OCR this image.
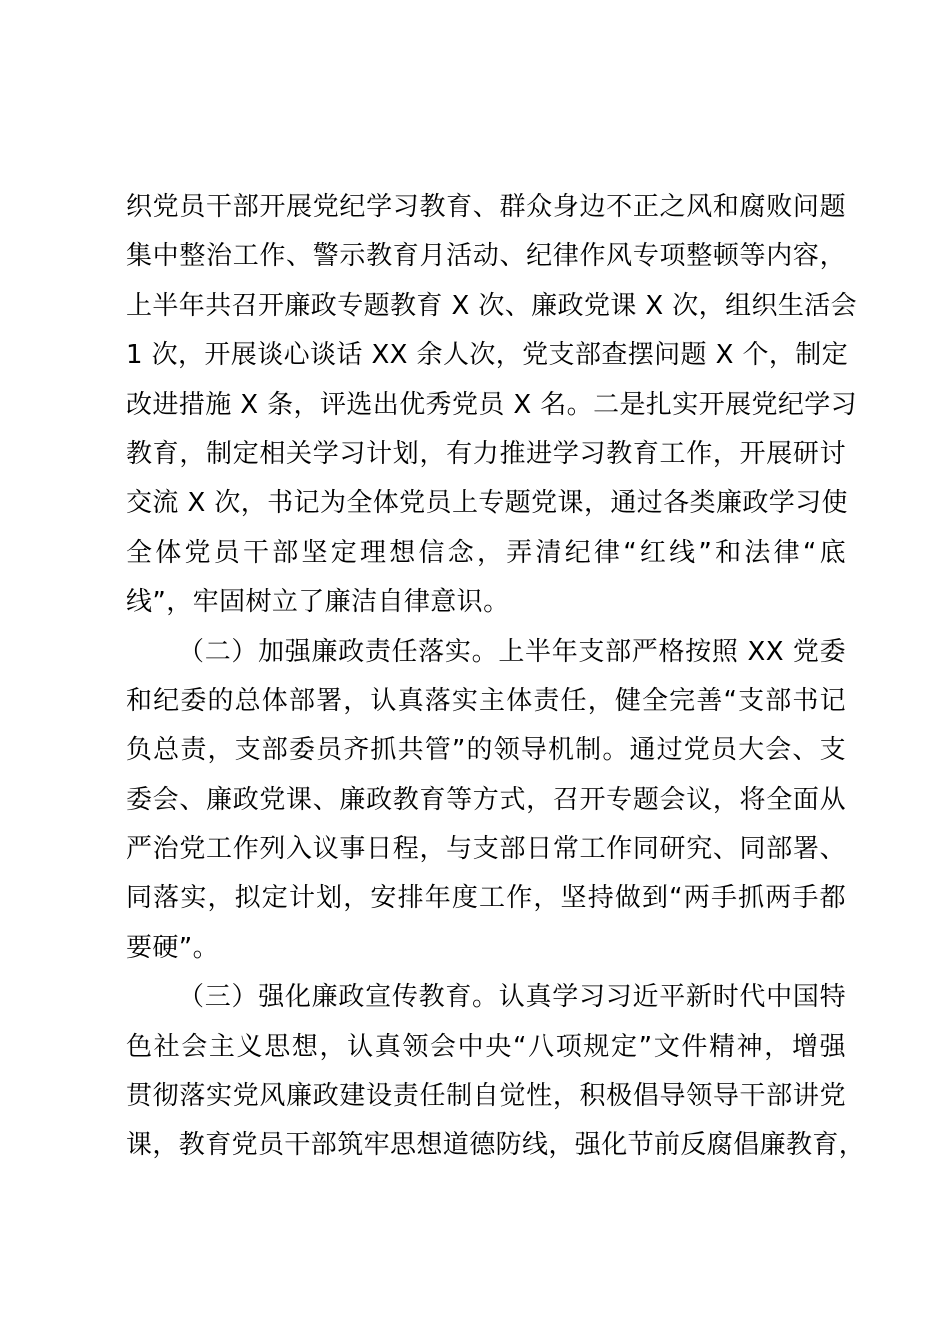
织党员干部开展党纪学习教育、群众身边不正之风和腐败问题
集中整治工作、警示教育月活动、纪律作风专项整顿等内容，
上半年共召开廉政专题教育 X 次、廉政党课 X 次，组织生活会
1 次，开展谈心谈话 XX 余人次，党支部查摆问题 X 个，制定
改进措施 X 条，评选出优秀党员 X 名。二是扎实开展党纪学习
教育，制定相关学习计划，有力推进学习教育工作，开展研讨
交流 X 次，书记为全体党员上专题党课，通过各类廉政学习使
全体党员干部坚定理想信念，弄清纪律“红线”和法律“底
线”，牢固树立了廉洁自律意识。
（二）加强廉政责任落实。上半年支部严格按照 XX 党委
和纪委的总体部署，认真落实主体责任，健全完善“支部书记
负总责，支部委员齐抓共管”的领导机制。通过党员大会、支
委会、廉政党课、廉政教育等方式，召开专题会议，将全面从
严治党工作列入议事日程，与支部日常工作同研究、同部署、
同落实，拟定计划，安排年度工作，坚持做到“两手抓两手都
要硬”。
（三）强化廉政宣传教育。认真学习习近平新时代中国特
色社会主义思想，认真领会中央“八项规定”文件精神，增强
贯彻落实党风廉政建设责任制自觉性，积极倡导领导干部讲党
课，教育党员干部筑牢思想道德防线，强化节前反腐倡廉教育，
